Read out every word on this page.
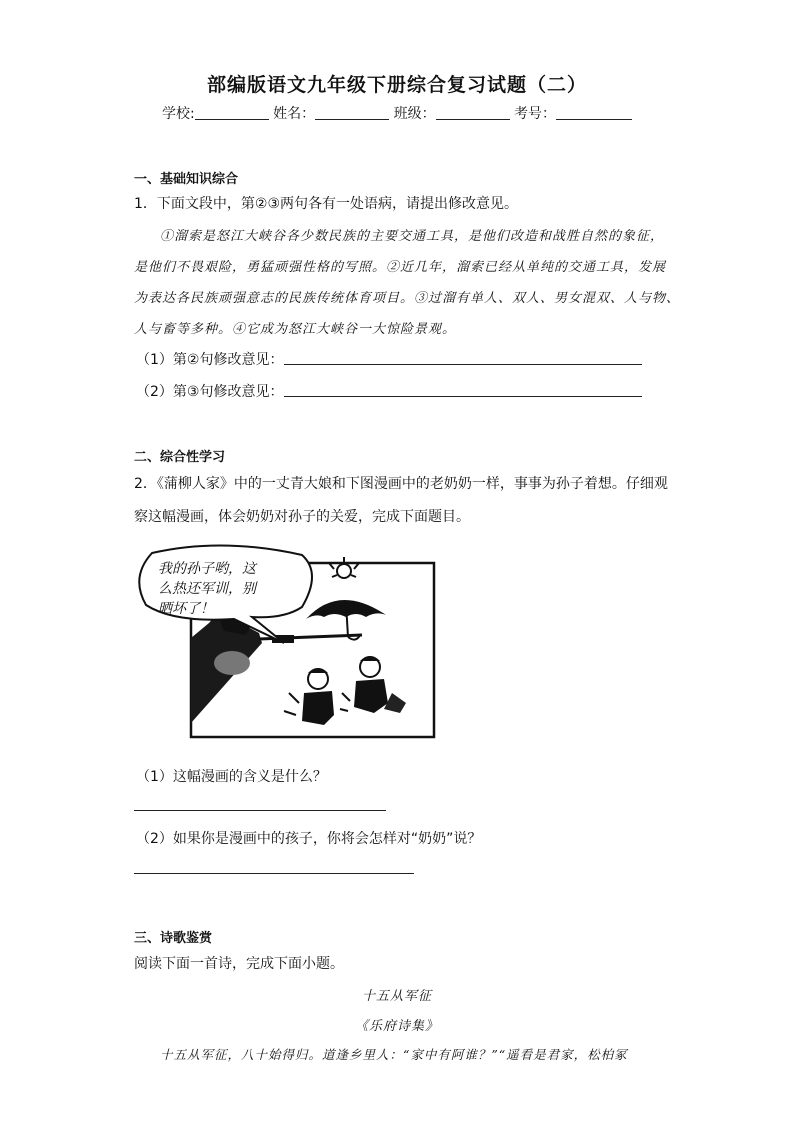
部编版语文九年级下册综合复习试题（二）
学校:	姓名：	班级：	考号：
一、基础知识综合
1．下面文段中，第②③两句各有一处语病，请提出修改意见。
①溜索是怒江大峡谷各少数民族的主要交通工具，是他们改造和战胜自然的象征，
是他们不畏艰险，勇猛顽强性格的写照。②近几年，溜索已经从单纯的交通工具，发展
为表达各民族顽强意志的民族传统体育项目。③过溜有单人、双人、男女混双、人与物、
人与畜等多种。④它成为怒江大峡谷一大惊险景观。
（1）第②句修改意见：
（2）第③句修改意见：
二、综合性学习
2．《蒲柳人家》中的一丈青大娘和下图漫画中的老奶奶一样，事事为孙子着想。仔细观
察这幅漫画，体会奶奶对孙子的关爱，完成下面题目。
我的孙子哟，这
么热还军训，别
晒坏了！
（1）这幅漫画的含义是什么？
（2）如果你是漫画中的孩子，你将会怎样对“奶奶”说？
三、诗歌鉴赏
阅读下面一首诗，完成下面小题。
十五从军征
《乐府诗集》
十五从军征，八十始得归。道逢乡里人：“家中有阿谁？”“遥看是君家，松柏冢
